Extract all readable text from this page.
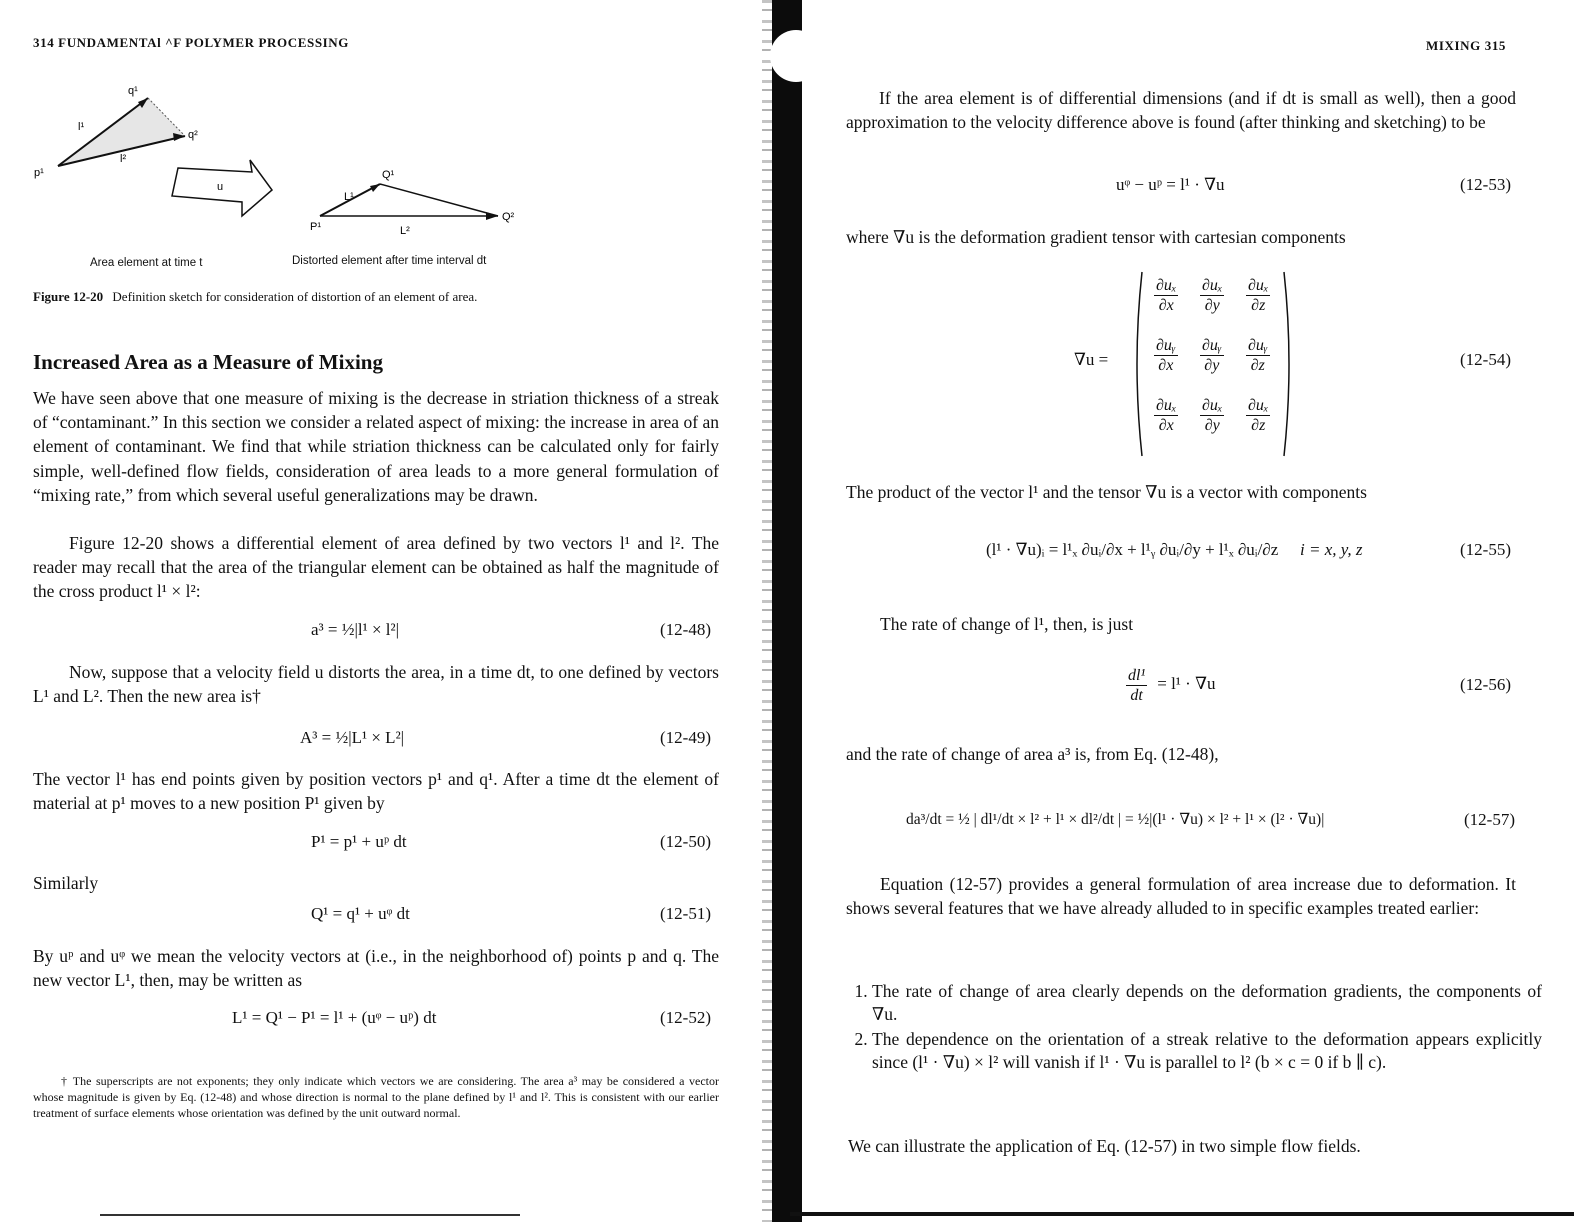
314 FUNDAMENTAl ^F POLYMER PROCESSING
q¹
l¹
q²
l²
p¹
u
Q¹
L¹
P¹	L²
Q²
Area element at time t	Distorted element after time interval dt
Figure 12-20 Definition sketch for consideration of distortion of an element of area.
Increased Area as a Measure of Mixing
We have seen above that one measure of mixing is the decrease in striation thickness of a streak of “contaminant.” In this section we consider a related aspect of mixing: the increase in area of an element of contaminant. We find that while striation thickness can be calculated only for fairly simple, well-defined flow fields, consideration of area leads to a more general formulation of “mixing rate,” from which several useful generalizations may be drawn.
Figure 12-20 shows a differential element of area defined by two vectors l¹ and l². The reader may recall that the area of the triangular element can be obtained as half the magnitude of the cross product l¹ × l²:
a³ = ½|l¹ × l²|	(12-48)
Now, suppose that a velocity field u distorts the area, in a time dt, to one defined by vectors L¹ and L². Then the new area is†
A³ = ½|L¹ × L²|	(12-49)
The vector l¹ has end points given by position vectors p¹ and q¹. After a time dt the element of material at p¹ moves to a new position P¹ given by
P¹ = p¹ + uᵖ dt	(12-50)
Similarly
Q¹ = q¹ + uᵠ dt	(12-51)
By uᵖ and uᵠ we mean the velocity vectors at (i.e., in the neighborhood of) points p and q. The new vector L¹, then, may be written as
L¹ = Q¹ − P¹ = l¹ + (uᵠ − uᵖ) dt	(12-52)
† The superscripts are not exponents; they only indicate which vectors we are considering. The area a³ may be considered a vector whose magnitude is given by Eq. (12-48) and whose direction is normal to the plane defined by l¹ and l². This is consistent with our earlier treatment of surface elements whose orientation was defined by the unit outward normal.
MIXING 315
If the area element is of differential dimensions (and if dt is small as well), then a good approximation to the velocity difference above is found (after thinking and sketching) to be
uᵠ − uᵖ = l¹ · ∇u	(12-53)
where ∇u is the deformation gradient tensor with cartesian components
∇u =
$\frac{\text{∂uₓ}}{\partial x} \frac{\text{∂uₓ}}{\partial y} \frac{\text{∂uₓ}}{\partial z}$
$\frac{\text{∂uᵧ}}{\partial x} \frac{\text{∂uᵧ}}{\partial y} \frac{\text{∂uᵧ}}{\partial z}$
$\frac{\text{∂uₓ}}{\partial x} \frac{\text{∂uₓ}}{\partial y} \frac{\text{∂uₓ}}{\partial z}$
(12-54)
The product of the vector l¹ and the tensor ∇u is a vector with components
(l¹ · ∇u)ᵢ = l¹ₓ ∂uᵢ/∂x + l¹ᵧ ∂uᵢ/∂y + l¹ₓ ∂uᵢ/∂z i = x, y, z	(12-55)
The rate of change of l¹, then, is just
$\frac{\text{dl¹}}{dt} = l^1 \cdot \nabla u$	(12-56)
and the rate of change of area a³ is, from Eq. (12-48),
da³/dt = ½ | dl¹/dt × l² + l¹ × dl²/dt | = ½|(l¹ · ∇u) × l² + l¹ × (l² · ∇u)|	(12-57)
Equation (12-57) provides a general formulation of area increase due to deformation. It shows several features that we have already alluded to in specific examples treated earlier:
1. The rate of change of area clearly depends on the deformation gradients, the components of ∇u.
2. The dependence on the orientation of a streak relative to the deformation appears explicitly since (l¹ · ∇u) × l² will vanish if l¹ · ∇u is parallel to l² (b × c = 0 if b ∥ c).
We can illustrate the application of Eq. (12-57) in two simple flow fields.
